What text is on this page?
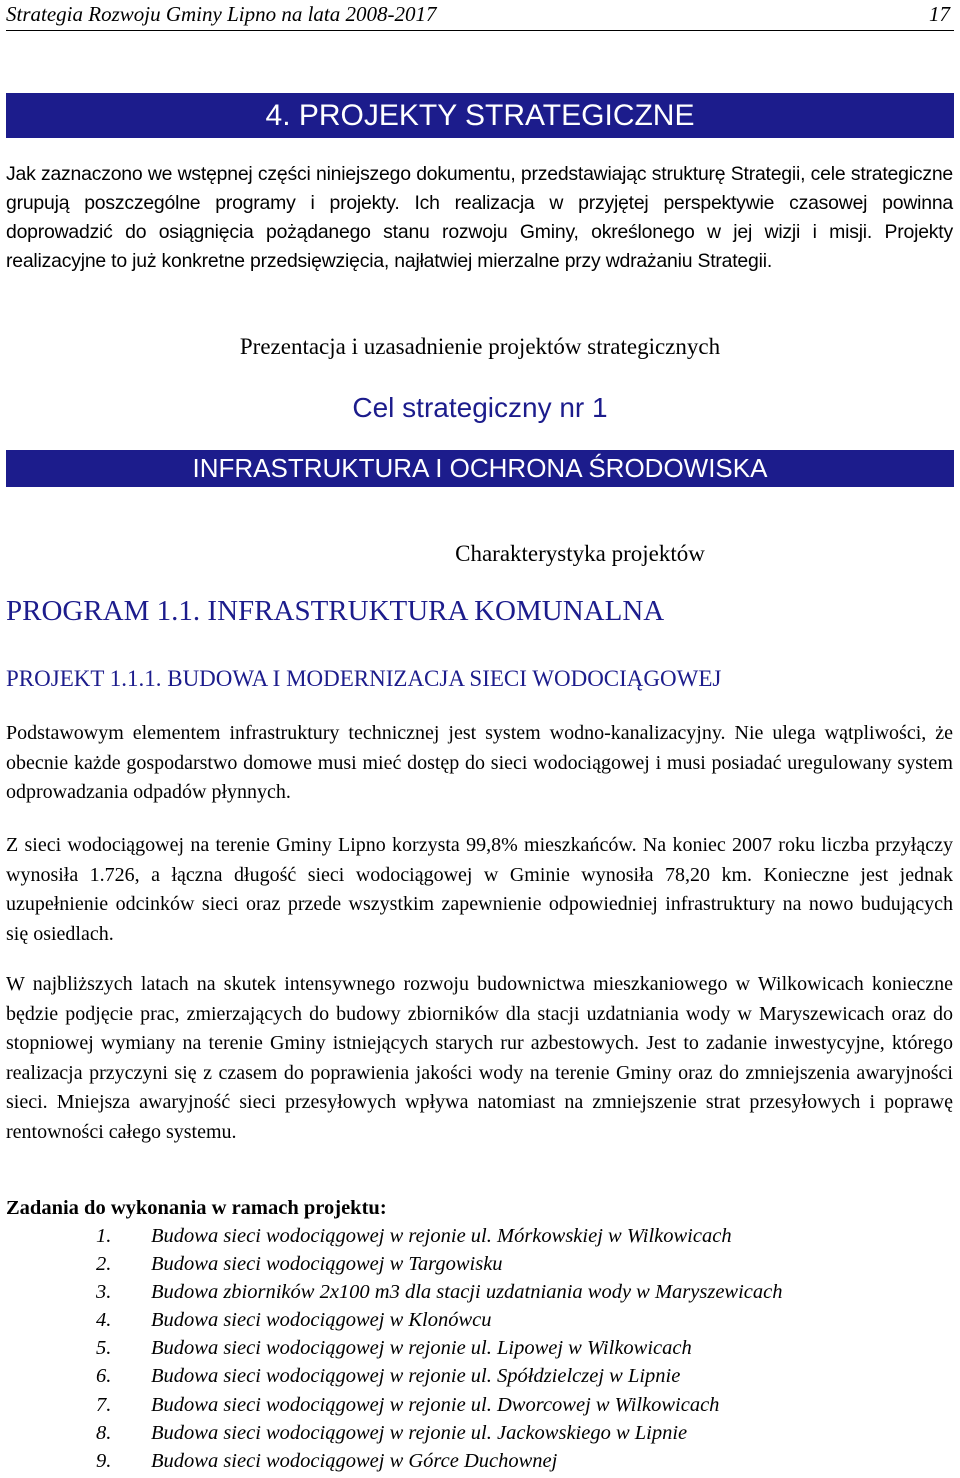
Strategia Rozwoju Gminy Lipno na lata 2008-2017	17
4. PROJEKTY STRATEGICZNE

Jak zaznaczono we wstępnej części niniejszego dokumentu, przedstawiając strukturę Strategii, cele strategiczne grupują poszczególne programy i projekty. Ich realizacja w przyjętej perspektywie czasowej powinna doprowadzić do osiągnięcia pożądanego stanu rozwoju Gminy, określonego w jej wizji i misji. Projekty realizacyjne to już konkretne przedsięwzięcia, najłatwiej mierzalne przy wdrażaniu Strategii.

Prezentacja i uzasadnienie projektów strategicznych
Cel strategiczny nr 1
INFRASTRUKTURA I OCHRONA ŚRODOWISKA
Charakterystyka projektów
PROGRAM 1.1. INFRASTRUKTURA KOMUNALNA
PROJEKT 1.1.1. BUDOWA I MODERNIZACJA SIECI WODOCIĄGOWEJ

Podstawowym elementem infrastruktury technicznej jest system wodno-kanalizacyjny. Nie ulega wątpliwości, że obecnie każde gospodarstwo domowe musi mieć dostęp do sieci wodociągowej i musi posiadać uregulowany system odprowadzania odpadów płynnych.

Z sieci wodociągowej na terenie Gminy Lipno korzysta 99,8% mieszkańców. Na koniec 2007 roku liczba przyłączy wynosiła 1.726, a łączna długość sieci wodociągowej w Gminie wynosiła 78,20 km. Konieczne jest jednak uzupełnienie odcinków sieci oraz przede wszystkim zapewnienie odpowiedniej infrastruktury na nowo budujących się osiedlach.

W najbliższych latach na skutek intensywnego rozwoju budownictwa mieszkaniowego w Wilkowicach konieczne będzie podjęcie prac, zmierzających do budowy zbiorników dla stacji uzdatniania wody w Maryszewicach oraz do stopniowej wymiany na terenie Gminy istniejących starych rur azbestowych. Jest to zadanie inwestycyjne, którego realizacja przyczyni się z czasem do poprawienia jakości wody na terenie Gminy oraz do zmniejszenia awaryjności sieci. Mniejsza awaryjność sieci przesyłowych wpływa natomiast na zmniejszenie strat przesyłowych i poprawę rentowności całego systemu.

Zadania do wykonania w ramach projektu:
1. Budowa sieci wodociągowej w rejonie ul. Mórkowskiej w Wilkowicach
2. Budowa sieci wodociągowej w Targowisku
3. Budowa zbiorników 2x100 m3 dla stacji uzdatniania wody w Maryszewicach
4. Budowa sieci wodociągowej w Klonówcu
5. Budowa sieci wodociągowej w rejonie ul. Lipowej w Wilkowicach
6. Budowa sieci wodociągowej w rejonie ul. Spółdzielczej w Lipnie
7. Budowa sieci wodociągowej w rejonie ul. Dworcowej w Wilkowicach
8. Budowa sieci wodociągowej w rejonie ul. Jackowskiego w Lipnie
9. Budowa sieci wodociągowej w Górce Duchownej
